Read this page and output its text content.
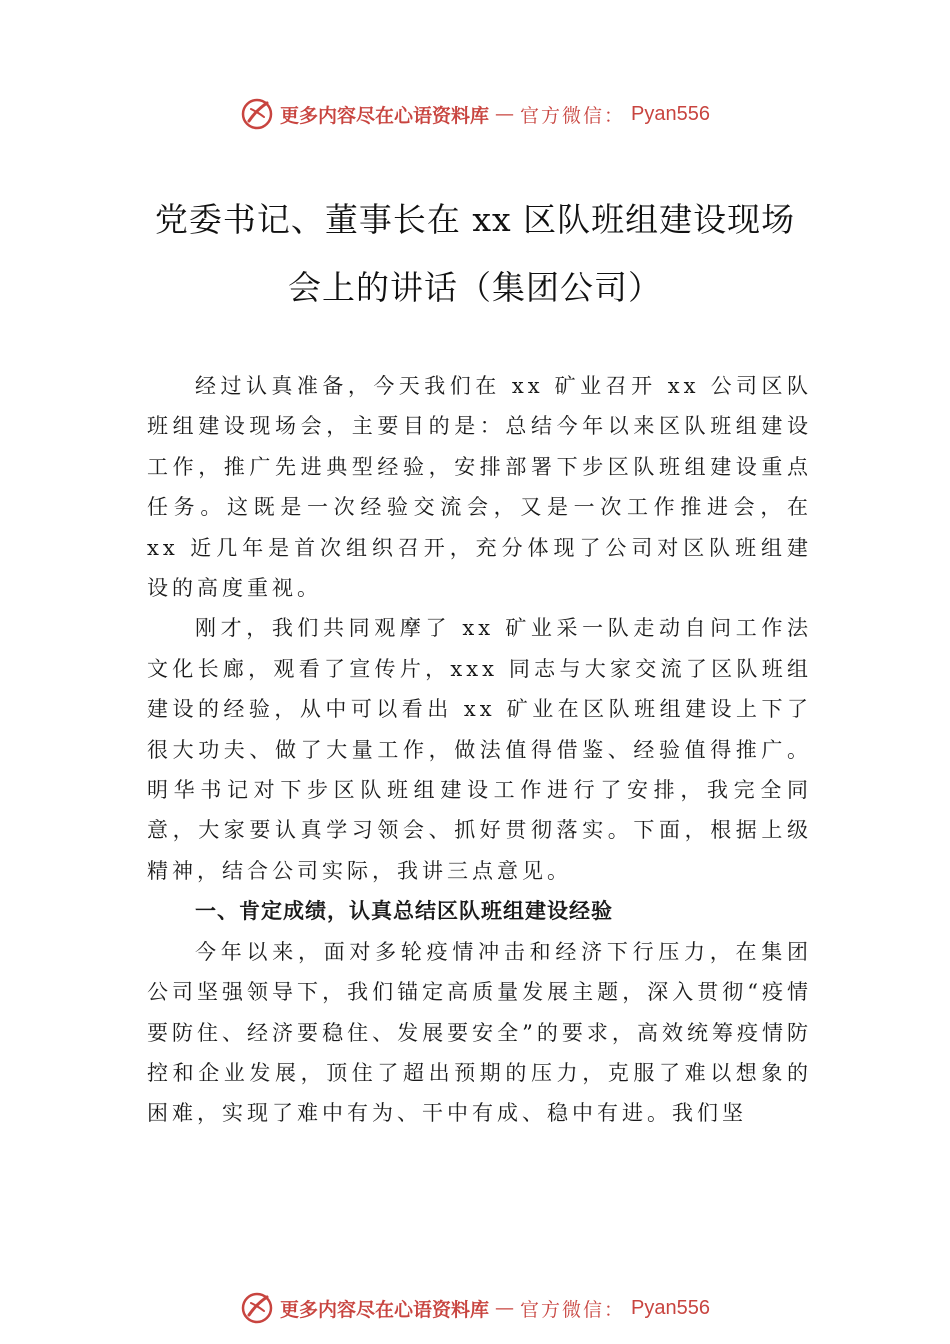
更多内容尽在心语资料库 — 官方微信： Pyan556
党委书记、董事长在 xx 区队班组建设现场
会上的讲话（集团公司）

经过认真准备，今天我们在 xx 矿业召开 xx 公司区队班组建设现场会，主要目的是：总结今年以来区队班组建设工作，推广先进典型经验，安排部署下步区队班组建设重点任务。这既是一次经验交流会，又是一次工作推进会，在 xx 近几年是首次组织召开，充分体现了公司对区队班组建设的高度重视。

刚才，我们共同观摩了 xx 矿业采一队走动自问工作法文化长廊，观看了宣传片，xxx 同志与大家交流了区队班组建设的经验，从中可以看出 xx 矿业在区队班组建设上下了很大功夫、做了大量工作，做法值得借鉴、经验值得推广。明华书记对下步区队班组建设工作进行了安排，我完全同意，大家要认真学习领会、抓好贯彻落实。下面，根据上级精神，结合公司实际，我讲三点意见。

一、肯定成绩，认真总结区队班组建设经验

今年以来，面对多轮疫情冲击和经济下行压力，在集团公司坚强领导下，我们锚定高质量发展主题，深入贯彻“疫情要防住、经济要稳住、发展要安全”的要求，高效统筹疫情防控和企业发展，顶住了超出预期的压力，克服了难以想象的困难，实现了难中有为、干中有成、稳中有进。我们坚

更多内容尽在心语资料库 — 官方微信： Pyan556
